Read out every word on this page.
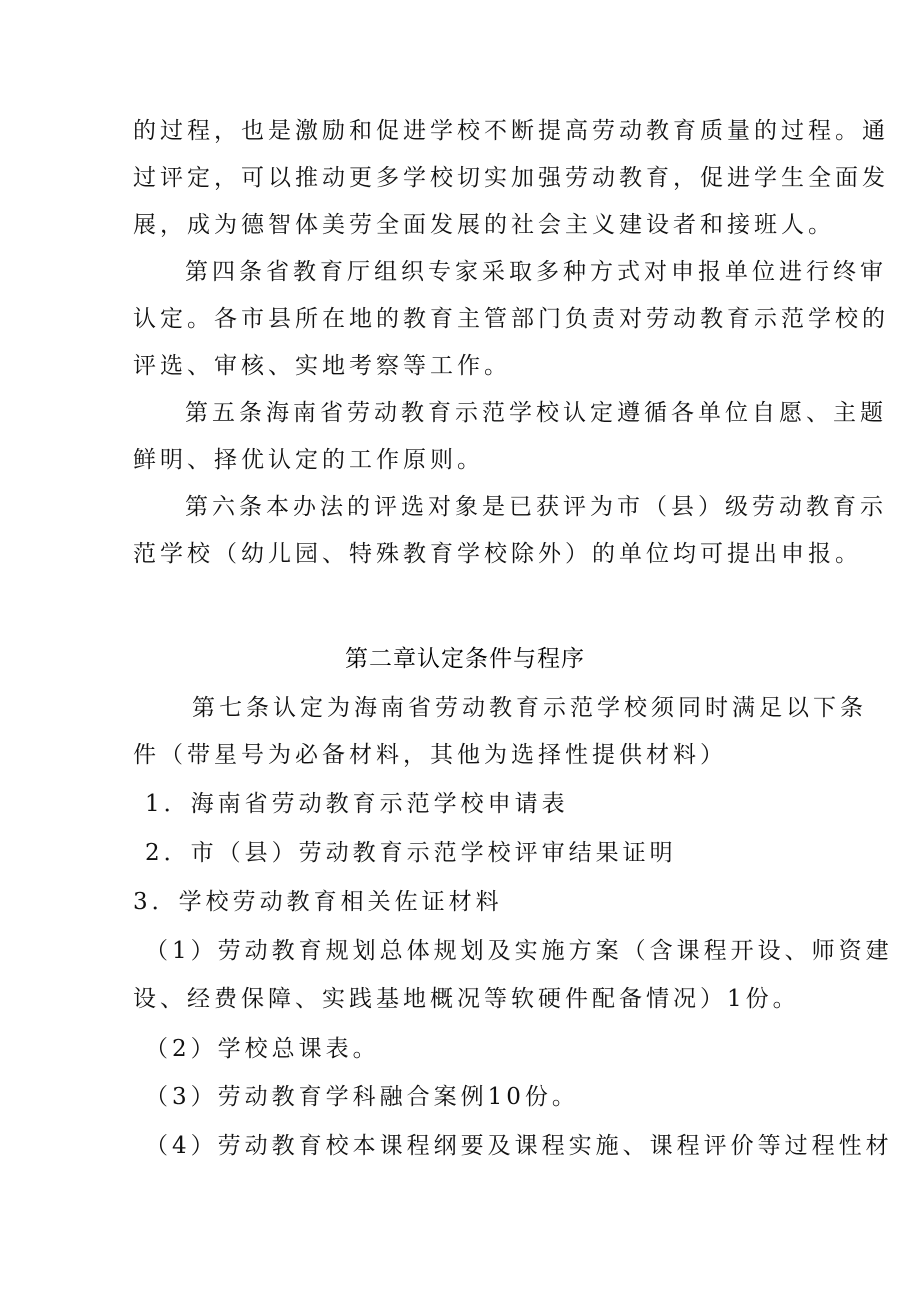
的过程，也是激励和促进学校不断提高劳动教育质量的过程。通
过评定，可以推动更多学校切实加强劳动教育，促进学生全面发
展，成为德智体美劳全面发展的社会主义建设者和接班人。
第四条省教育厅组织专家采取多种方式对申报单位进行终审
认定。各市县所在地的教育主管部门负责对劳动教育示范学校的
评选、审核、实地考察等工作。
第五条海南省劳动教育示范学校认定遵循各单位自愿、主题
鲜明、择优认定的工作原则。
第六条本办法的评选对象是已获评为市（县）级劳动教育示
范学校（幼儿园、特殊教育学校除外）的单位均可提出申报。
第二章认定条件与程序
第七条认定为海南省劳动教育示范学校须同时满足以下条
件（带星号为必备材料，其他为选择性提供材料）
1．海南省劳动教育示范学校申请表
2．市（县）劳动教育示范学校评审结果证明
3．学校劳动教育相关佐证材料
（1）劳动教育规划总体规划及实施方案（含课程开设、师资建
设、经费保障、实践基地概况等软硬件配备情况）1份。
（2）学校总课表。
（3）劳动教育学科融合案例10份。
（4）劳动教育校本课程纲要及课程实施、课程评价等过程性材
